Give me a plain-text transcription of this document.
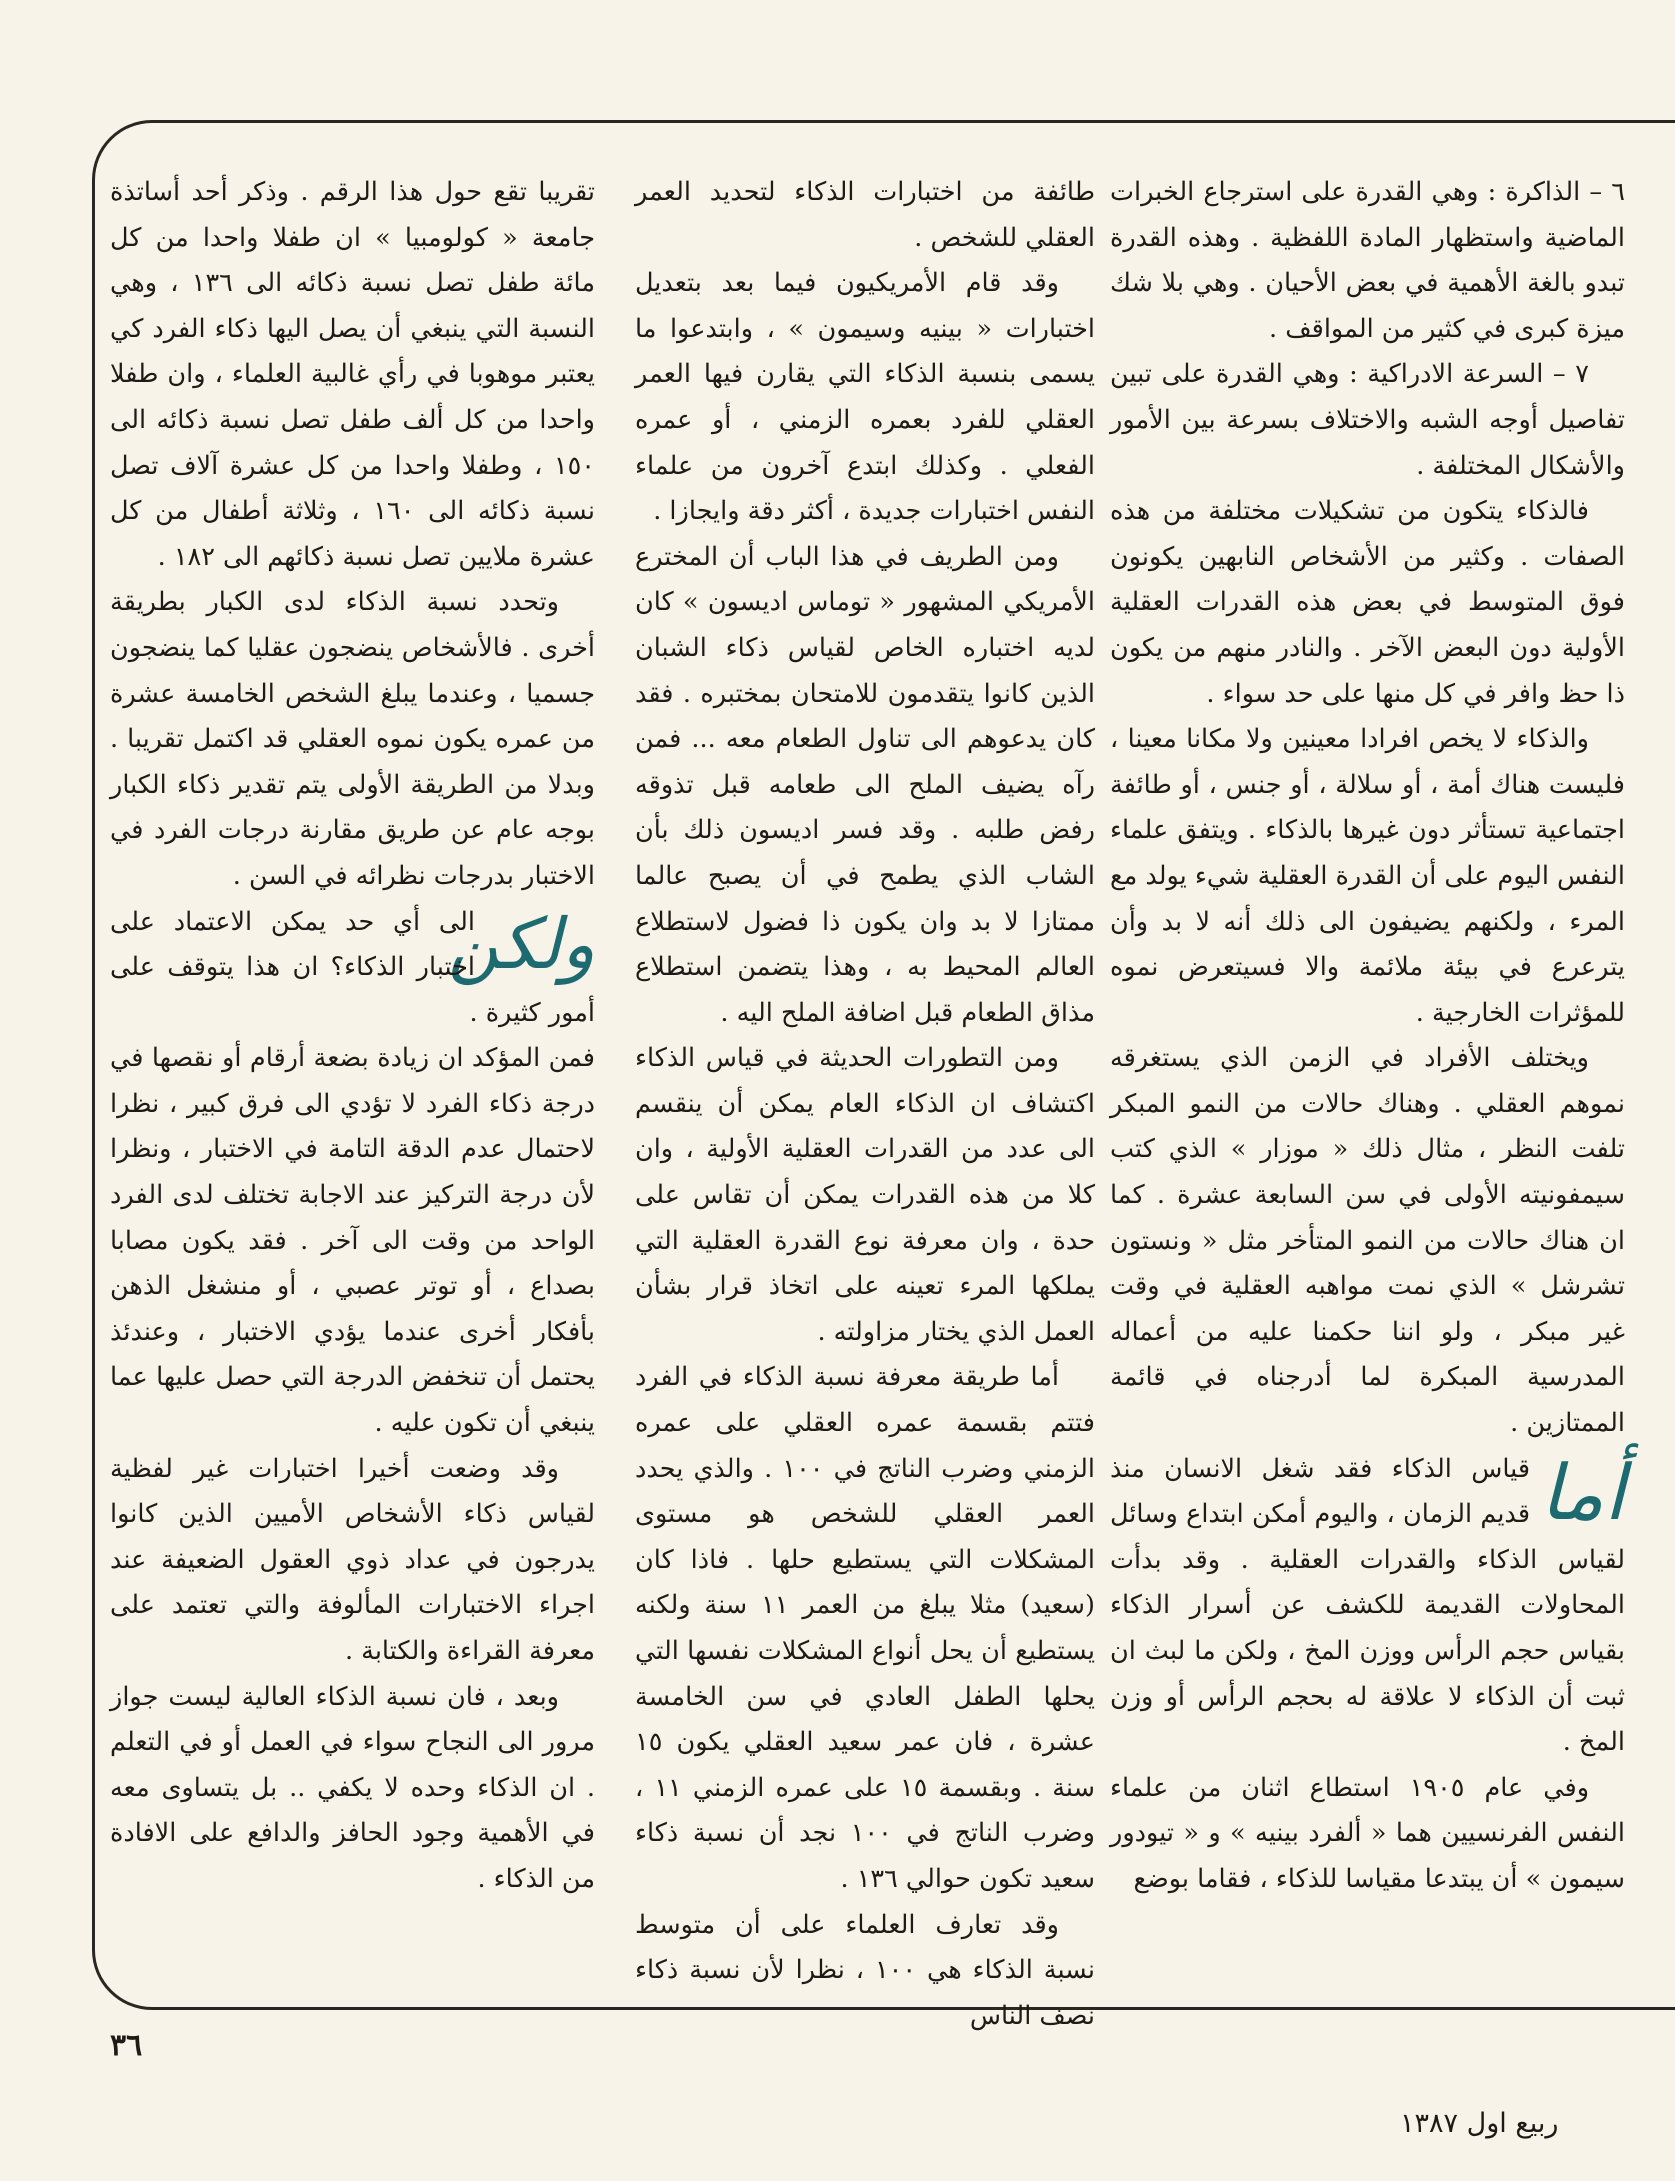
٦ – الذاكرة : وهي القدرة على استرجاع الخبرات الماضية واستظهار المادة اللفظية . وهذه القدرة تبدو بالغة الأهمية في بعض الأحيان . وهي بلا شك ميزة كبرى في كثير من المواقف .

٧ – السرعة الادراكية : وهي القدرة على تبين تفاصيل أوجه الشبه والاختلاف بسرعة بين الأمور والأشكال المختلفة .

فالذكاء يتكون من تشكيلات مختلفة من هذه الصفات . وكثير من الأشخاص النابهين يكونون فوق المتوسط في بعض هذه القدرات العقلية الأولية دون البعض الآخر . والنادر منهم من يكون ذا حظ وافر في كل منها على حد سواء .

والذكاء لا يخص افرادا معينين ولا مكانا معينا ، فليست هناك أمة ، أو سلالة ، أو جنس ، أو طائفة اجتماعية تستأثر دون غيرها بالذكاء . ويتفق علماء النفس اليوم على أن القدرة العقلية شيء يولد مع المرء ، ولكنهم يضيفون الى ذلك أنه لا بد وأن يترعرع في بيئة ملائمة والا فسيتعرض نموه للمؤثرات الخارجية .

ويختلف الأفراد في الزمن الذي يستغرقه نموهم العقلي . وهناك حالات من النمو المبكر تلفت النظر ، مثال ذلك « موزار » الذي كتب سيمفونيته الأولى في سن السابعة عشرة . كما ان هناك حالات من النمو المتأخر مثل « ونستون تشرشل » الذي نمت مواهبه العقلية في وقت غير مبكر ، ولو اننا حكمنا عليه من أعماله المدرسية المبكرة لما أدرجناه في قائمة الممتازين .

أما
قياس الذكاء فقد شغل الانسان منذ قديم الزمان ، واليوم أمكن ابتداع وسائل لقياس الذكاء والقدرات العقلية . وقد بدأت المحاولات القديمة للكشف عن أسرار الذكاء بقياس حجم الرأس ووزن المخ ، ولكن ما لبث ان ثبت أن الذكاء لا علاقة له بحجم الرأس أو وزن المخ .

وفي عام ١٩٠٥ استطاع اثنان من علماء النفس الفرنسيين هما « ألفرد بينيه » و « تيودور سيمون » أن يبتدعا مقياسا للذكاء ، فقاما بوضع

طائفة من اختبارات الذكاء لتحديد العمر العقلي للشخص .

وقد قام الأمريكيون فيما بعد بتعديل اختبارات « بينيه وسيمون » ، وابتدعوا ما يسمى بنسبة الذكاء التي يقارن فيها العمر العقلي للفرد بعمره الزمني ، أو عمره الفعلي . وكذلك ابتدع آخرون من علماء النفس اختبارات جديدة ، أكثر دقة وايجازا .

ومن الطريف في هذا الباب أن المخترع الأمريكي المشهور « توماس اديسون » كان لديه اختباره الخاص لقياس ذكاء الشبان الذين كانوا يتقدمون للامتحان بمختبره . فقد كان يدعوهم الى تناول الطعام معه ... فمن رآه يضيف الملح الى طعامه قبل تذوقه رفض طلبه . وقد فسر اديسون ذلك بأن الشاب الذي يطمح في أن يصبح عالما ممتازا لا بد وان يكون ذا فضول لاستطلاع العالم المحيط به ، وهذا يتضمن استطلاع مذاق الطعام قبل اضافة الملح اليه .

ومن التطورات الحديثة في قياس الذكاء اكتشاف ان الذكاء العام يمكن أن ينقسم الى عدد من القدرات العقلية الأولية ، وان كلا من هذه القدرات يمكن أن تقاس على حدة ، وان معرفة نوع القدرة العقلية التي يملكها المرء تعينه على اتخاذ قرار بشأن العمل الذي يختار مزاولته .

أما طريقة معرفة نسبة الذكاء في الفرد فتتم بقسمة عمره العقلي على عمره الزمني وضرب الناتج في ١٠٠ . والذي يحدد العمر العقلي للشخص هو مستوى المشكلات التي يستطيع حلها . فاذا كان (سعيد) مثلا يبلغ من العمر ١١ سنة ولكنه يستطيع أن يحل أنواع المشكلات نفسها التي يحلها الطفل العادي في سن الخامسة عشرة ، فان عمر سعيد العقلي يكون ١٥ سنة . وبقسمة ١٥ على عمره الزمني ١١ ، وضرب الناتج في ١٠٠ نجد أن نسبة ذكاء سعيد تكون حوالي ١٣٦ .

وقد تعارف العلماء على أن متوسط نسبة الذكاء هي ١٠٠ ، نظرا لأن نسبة ذكاء نصف الناس

تقريبا تقع حول هذا الرقم . وذكر أحد أساتذة جامعة « كولومبيا » ان طفلا واحدا من كل مائة طفل تصل نسبة ذكائه الى ١٣٦ ، وهي النسبة التي ينبغي أن يصل اليها ذكاء الفرد كي يعتبر موهوبا في رأي غالبية العلماء ، وان طفلا واحدا من كل ألف طفل تصل نسبة ذكائه الى ١٥٠ ، وطفلا واحدا من كل عشرة آلاف تصل نسبة ذكائه الى ١٦٠ ، وثلاثة أطفال من كل عشرة ملايين تصل نسبة ذكائهم الى ١٨٢ .

وتحدد نسبة الذكاء لدى الكبار بطريقة أخرى . فالأشخاص ينضجون عقليا كما ينضجون جسميا ، وعندما يبلغ الشخص الخامسة عشرة من عمره يكون نموه العقلي قد اكتمل تقريبا . وبدلا من الطريقة الأولى يتم تقدير ذكاء الكبار بوجه عام عن طريق مقارنة درجات الفرد في الاختبار بدرجات نظرائه في السن .

ولكن
الى أي حد يمكن الاعتماد على اختبار الذكاء؟ ان هذا يتوقف على أمور كثيرة .

فمن المؤكد ان زيادة بضعة أرقام أو نقصها في درجة ذكاء الفرد لا تؤدي الى فرق كبير ، نظرا لاحتمال عدم الدقة التامة في الاختبار ، ونظرا لأن درجة التركيز عند الاجابة تختلف لدى الفرد الواحد من وقت الى آخر . فقد يكون مصابا بصداع ، أو توتر عصبي ، أو منشغل الذهن بأفكار أخرى عندما يؤدي الاختبار ، وعندئذ يحتمل أن تنخفض الدرجة التي حصل عليها عما ينبغي أن تكون عليه .

وقد وضعت أخيرا اختبارات غير لفظية لقياس ذكاء الأشخاص الأميين الذين كانوا يدرجون في عداد ذوي العقول الضعيفة عند اجراء الاختبارات المألوفة والتي تعتمد على معرفة القراءة والكتابة .

وبعد ، فان نسبة الذكاء العالية ليست جواز مرور الى النجاح سواء في العمل أو في التعلم . ان الذكاء وحده لا يكفي .. بل يتساوى معه في الأهمية وجود الحافز والدافع على الافادة من الذكاء .

٣٦
ربيع اول ١٣٨٧
